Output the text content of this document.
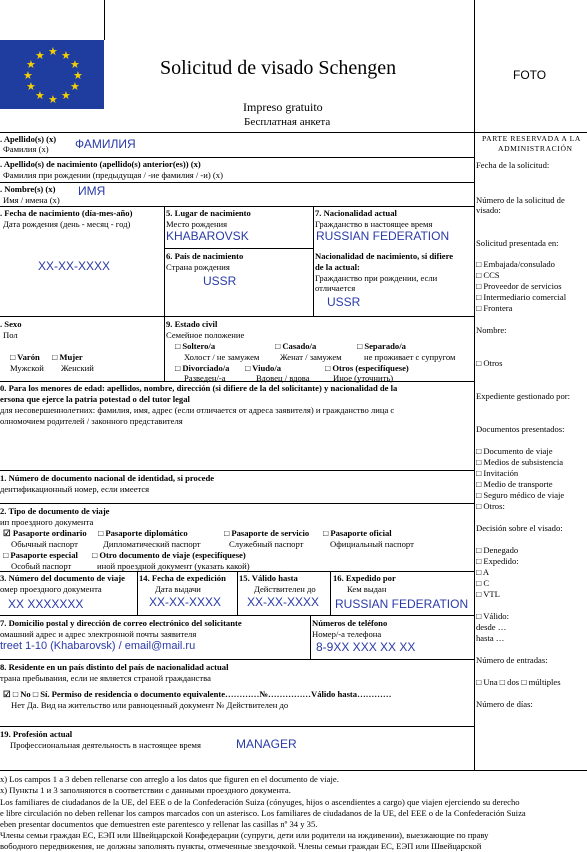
★ ★
★
★
★
★
★
★
★
★
★
★
Solicitud de visado Schengen
Impreso gratuito
Бесплатная анкета
FOTO
PARTE RESERVADA A LA
ADMINISTRACIÓN
Fecha de la solicitud:
Número de la solicitud de
visado:
Solicitud presentada en:
□ Embajada/consulado
□ CCS
□ Proveedor de servicios
□ Intermediario comercial
□ Frontera
Nombre:
□ Otros
Expediente gestionado por:
Documentos presentados:
□ Documento de viaje
□ Medios de subsistencia
□ Invitación
□ Medio de transporte
□ Seguro médico de viaje
□ Otros:
Decisión sobre el visado:
□ Denegado
□ Expedido:
□ A
□ C
□ VTL
□ Válido:
desde …
hasta …
Número de entradas:
□ Una □ dos □ múltiples
Número de días:
. Apellido(s) (x)
Фамилия (x) ФАМИЛИЯ
. Apellido(s) de nacimiento (apellido(s) anterior(es)) (x)
Фамилия при рождении (предыдущая / -ие фамилия / -и) (x)
. Nombre(s) (x)
Имя / имена (x)
ИМЯ
. Fecha de nacimiento (día-mes-año)
Дата рождения (день - месяц - год)
XX-XX-XXXX
5. Lugar de nacimiento
Место рождения
KHABAROVSK
6. País de nacimiento
Страна рождения
USSR
7. Nacionalidad actual
Гражданство в настоящее время
RUSSIAN FEDERATION
Nacionalidad de nacimiento, si difiere
de la actual:
Гражданство при рождении, если
отличается
USSR
. Sexo
Пол
□ Varón □ Mujer
Мужской Женский
9. Estado civil
Семейное положение
□ Soltero/a	□ Casado/a	□ Separado/a
Холост / не замужем Женат / замужем	не проживает с супругом
□ Divorciado/a □ Viudo/a	□ Otros (especifíquese)
Разведен/-а	Вдовец / вдова	Иное (уточнить)
0. Para los menores de edad: apellidos, nombre, dirección (si difiere de la del solicitante) y nacionalidad de la
ersona que ejerce la patria potestad o del tutor legal
для несовершеннолетних: фамилия, имя, адрес (если отличается от адреса заявителя) и гражданство лица с
олномочием родителей / законного представителя
1. Número de documento nacional de identidad, si procede
дентификационный номер, если имеется
2. Tipo de documento de viaje
ип проездного документа
☑ Pasaporte ordinario □ Pasaporte diplomático	□ Pasaporte de servicio □ Pasaporte oficial
Обычный паспорт	Дипломатический паспорт	Служебный паспорт	Официальный паспорт
□ Pasaporte especial □ Otro documento de viaje (especifíquese)
Особый паспорт	иной проездной документ (указать какой)
3. Número del documento de viaje
омер проездного документа
XX XXXXXXX
14. Fecha de expedición
Дата выдачи
XX-XX-XXXX
15. Válido hasta
Действителен до
XX-XX-XXXX
16. Expedido por
Кем выдан
RUSSIAN FEDERATION
7. Domicilio postal y dirección de correo electrónico del solicitante
омашний адрес и адрес электронной почты заявителя
treet 1-10 (Khabarovsk) / email@mail.ru
Números de teléfono
Номер/-а телефона
8-9XX XXX XX XX
8. Residente en un país distinto del país de nacionalidad actual
трана пребывания, если не является страной гражданства
☑ □ No □ Sí. Permiso de residencia o documento equivalente…………№……………Válido hasta…………
Нет Да. Вид на жительство или равноценный документ № Действителен до
19. Profesión actual
Профессиональная деятельность в настоящее время	MANAGER
x) Los campos 1 a 3 deben rellenarse con arreglo a los datos que figuren en el documento de viaje.
x) Пункты 1 и 3 заполняются в соответствии с данными проездного документа.
Los familiares de ciudadanos de la UE, del EEE o de la Confederación Suiza (cónyuges, hijos o ascendientes a cargo) que viajen ejerciendo su derecho
e libre circulación no deben rellenar los campos marcados con un asterisco. Los familiares de ciudadanos de la UE, del EEE o de la Confederación Suiza
eben presentar documentos que demuestren este parentesco y rellenar las casillas nº 34 y 35.
Члены семьи граждан ЕС, ЕЭП или Швейцарской Конфедерации (супруги, дети или родители на иждивении), выезжающие по праву
вободного передвижения, не должны заполнять пункты, отмеченные звездочкой. Члены семьи граждан ЕС, ЕЭП или Швейцарской
